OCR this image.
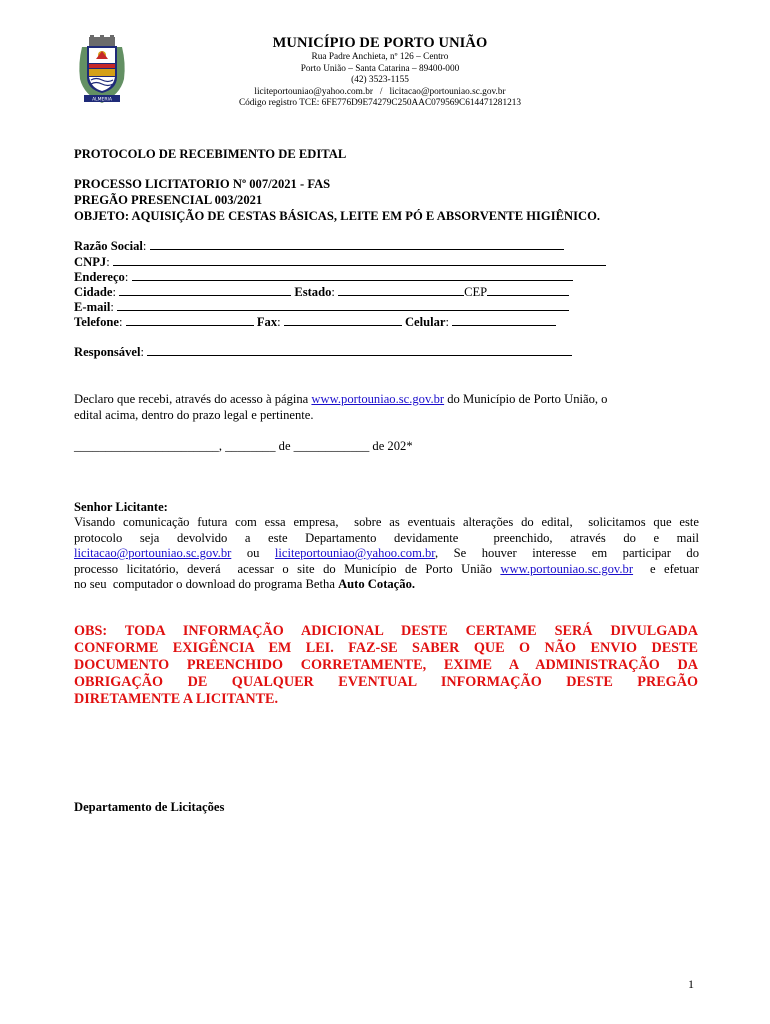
ALMERIA
MUNICÍPIO DE PORTO UNIÃO
Rua Padre Anchieta, nº 126 – Centro
Porto União – Santa Catarina – 89400-000
(42) 3523-1155
liciteportouniao@yahoo.com.br   /   licitacao@portouniao.sc.gov.br
Código registro TCE: 6FE776D9E74279C250AAC079569C614471281213
PROTOCOLO DE RECEBIMENTO DE EDITAL
PROCESSO LICITATORIO Nº 007/2021 - FAS
PREGÃO PRESENCIAL 003/2021
OBJETO: AQUISIÇÃO DE CESTAS BÁSICAS, LEITE EM PÓ E ABSORVENTE HIGIÊNICO.
Razão Social:
CNPJ:
Endereço:
Cidade:	Estado:	CEP
E-mail:
Telefone:	Fax:	Celular:
Responsável:
Declaro que recebi, através do acesso à página www.portouniao.sc.gov.br do Município de Porto União, o
edital acima, dentro do prazo legal e pertinente.
_______________________, ________ de ____________ de 202*
Senhor Licitante:
Visando comunicação futura com essa empresa,  sobre as eventuais alterações do edital,  solicitamos que este
protocolo  seja  devolvido  a  este  Departamento  devidamente    preenchido,  através  do  e  mail
licitacao@portouniao.sc.gov.br ou liciteportouniao@yahoo.com.br, Se houver interesse em participar do
processo licitatório, deverá  acessar o site do Município de Porto União www.portouniao.sc.gov.br  e efetuar
no seu  computador o download do programa Betha Auto Cotação.
OBS: TODA INFORMAÇÃO ADICIONAL DESTE CERTAME SERÁ DIVULGADA
CONFORME EXIGÊNCIA EM LEI. FAZ-SE SABER QUE O NÃO ENVIO DESTE
DOCUMENTO PREENCHIDO CORRETAMENTE, EXIME A ADMINISTRAÇÃO DA
OBRIGAÇÃO DE QUALQUER EVENTUAL INFORMAÇÃO DESTE PREGÃO
DIRETAMENTE A LICITANTE.
Departamento de Licitações
1
